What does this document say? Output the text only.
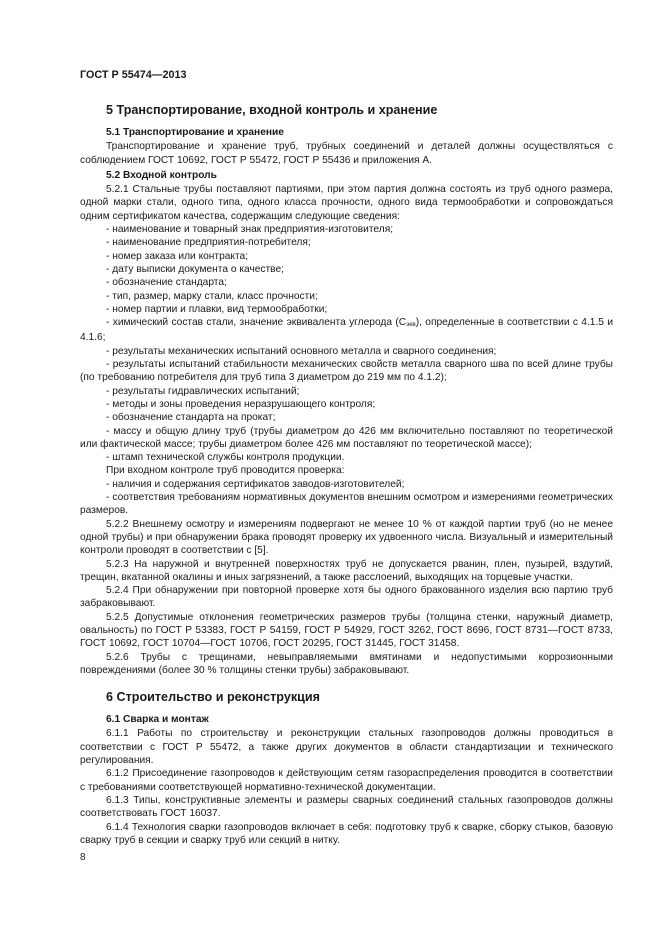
ГОСТ Р 55474—2013
5 Транспортирование, входной контроль и хранение
5.1 Транспортирование и хранение

Транспортирование и хранение труб, трубных соединений и деталей должны осуществляться с соблюдением ГОСТ 10692, ГОСТ Р 55472, ГОСТ Р 55436 и приложения А.

5.2 Входной контроль

5.2.1 Стальные трубы поставляют партиями, при этом партия должна состоять из труб одного размера, одной марки стали, одного типа, одного класса прочности, одного вида термообработки и сопровождаться одним сертификатом качества, содержащим следующие сведения:

- наименование и товарный знак предприятия-изготовителя;

- наименование предприятия-потребителя;

- номер заказа или контракта;

- дату выписки документа о качестве;

- обозначение стандарта;

- тип, размер, марку стали, класс прочности;

- номер партии и плавки, вид термообработки;

- химический состав стали, значение эквивалента углерода $(С_{экв})$, определенные в соответствии с 4.1.5 и 4.1.6;

- результаты механических испытаний основного металла и сварного соединения;

- результаты испытаний стабильности механических свойств металла сварного шва по всей длине трубы (по требованию потребителя для труб типа 3 диаметром до 219 мм по 4.1.2);

- результаты гидравлических испытаний;

- методы и зоны проведения неразрушающего контроля;

- обозначение стандарта на прокат;

- массу и общую длину труб (трубы диаметром до 426 мм включительно поставляют по теоретической или фактической массе; трубы диаметром более 426 мм поставляют по теоретической массе);

- штамп технической службы контроля продукции.

При входном контроле труб проводится проверка:

- наличия и содержания сертификатов заводов-изготовителей;

- соответствия требованиям нормативных документов внешним осмотром и измерениями геометрических размеров.

5.2.2 Внешнему осмотру и измерениям подвергают не менее 10 % от каждой партии труб (но не менее одной трубы) и при обнаружении брака проводят проверку их удвоенного числа. Визуальный и измерительный контроли проводят в соответствии с [5].

5.2.3 На наружной и внутренней поверхностях труб не допускается рванин, плен, пузырей, вздутий, трещин, вкатанной окалины и иных загрязнений, а также расслоений, выходящих на торцевые участки.

5.2.4 При обнаружении при повторной проверке хотя бы одного бракованного изделия всю партию труб забраковывают.

5.2.5 Допустимые отклонения геометрических размеров трубы (толщина стенки, наружный диаметр, овальность) по ГОСТ Р 53383, ГОСТ Р 54159, ГОСТ Р 54929, ГОСТ 3262, ГОСТ 8696, ГОСТ 8731—ГОСТ 8733, ГОСТ 10692, ГОСТ 10704—ГОСТ 10706, ГОСТ 20295, ГОСТ 31445, ГОСТ 31458.

5.2.6 Трубы с трещинами, невыправляемыми вмятинами и недопустимыми коррозионными повреждениями (более 30 % толщины стенки трубы) забраковывают.

6 Строительство и реконструкция
6.1 Сварка и монтаж

6.1.1 Работы по строительству и реконструкции стальных газопроводов должны проводиться в соответствии с ГОСТ Р 55472, а также других документов в области стандартизации и технического регулирования.

6.1.2 Присоединение газопроводов к действующим сетям газораспределения проводится в соответствии с требованиями соответствующей нормативно-технической документации.

6.1.3 Типы, конструктивные элементы и размеры сварных соединений стальных газопроводов должны соответствовать ГОСТ 16037.

6.1.4 Технология сварки газопроводов включает в себя: подготовку труб к сварке, сборку стыков, базовую сварку труб в секции и сварку труб или секций в нитку.

8
